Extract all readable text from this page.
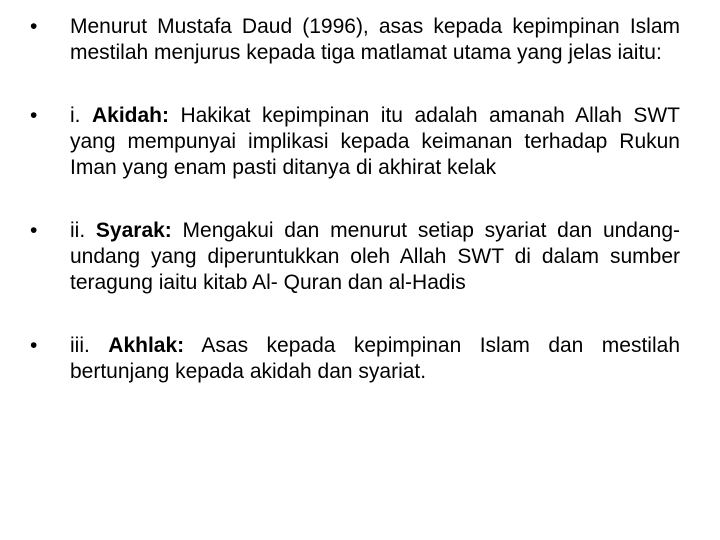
•	Menurut Mustafa Daud (1996), asas kepada kepimpinan Islam mestilah menjurus kepada tiga matlamat utama yang jelas iaitu:
•	i. Akidah: Hakikat kepimpinan itu adalah amanah Allah SWT yang mempunyai implikasi kepada keimanan terhadap Rukun Iman yang enam pasti ditanya di akhirat kelak
•	ii. Syarak: Mengakui dan menurut setiap syariat dan undang-undang yang diperuntukkan oleh Allah SWT di dalam sumber teragung iaitu kitab Al- Quran dan al-Hadis
•	iii. Akhlak: Asas kepada kepimpinan Islam dan mestilah bertunjang kepada akidah dan syariat.
